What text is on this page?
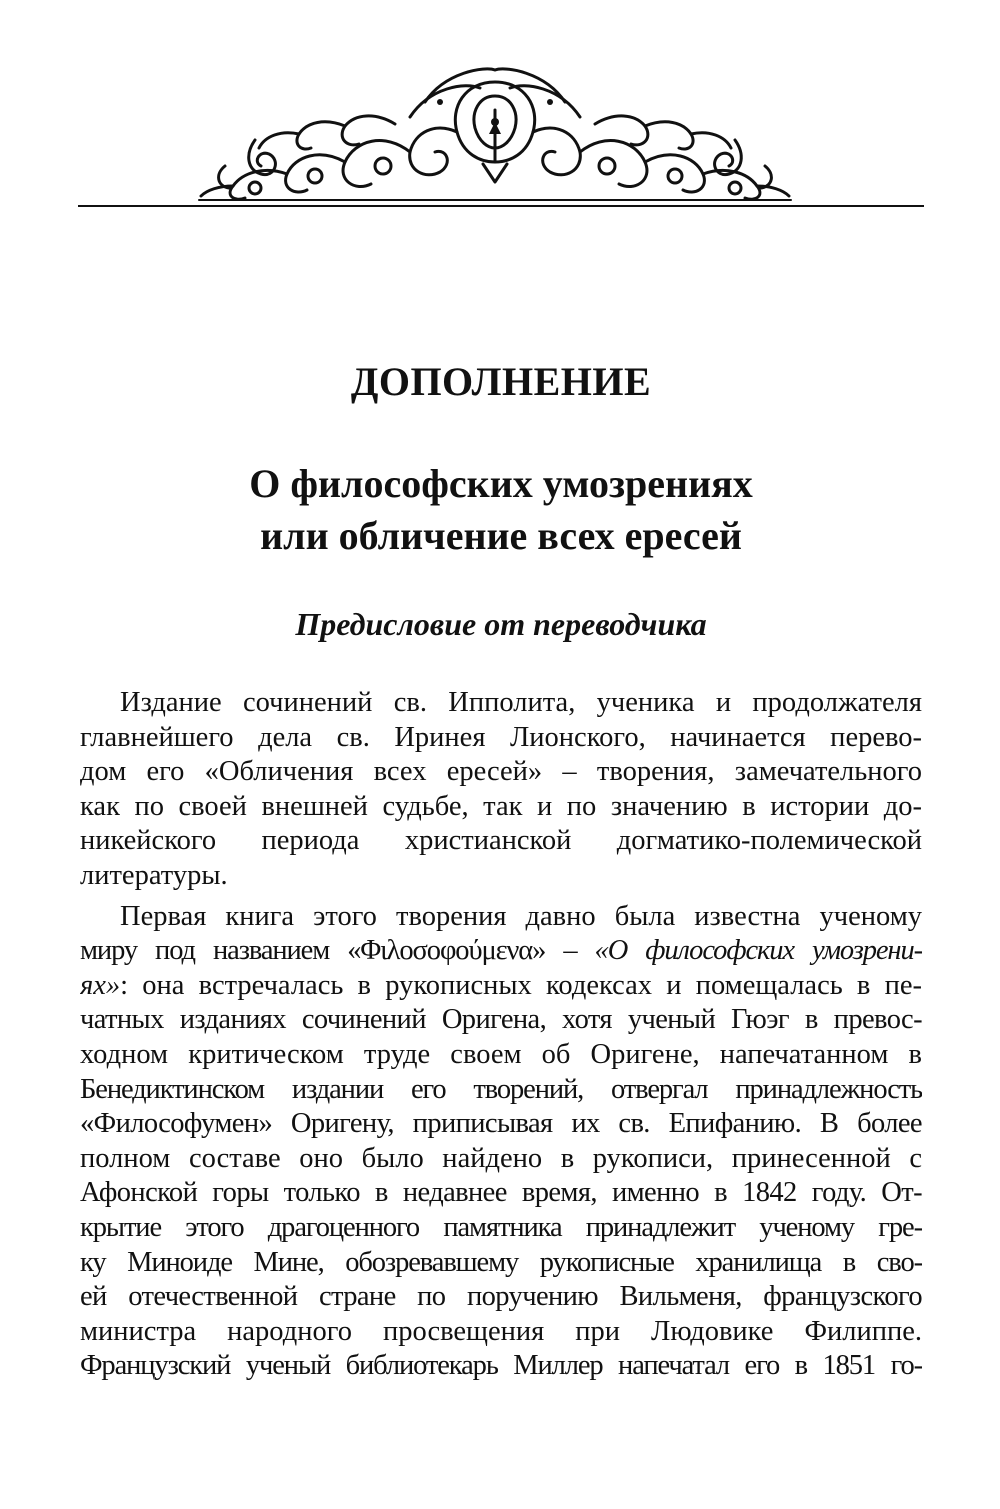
ДОПОЛНЕНИЕ
О философских умозрениях
или обличение всех ересей
Предисловие от переводчика
Издание сочинений св. Ипполита, ученика и продолжателя
главнейшего дела св. Иринея Лионского, начинается перево-
дом его «Обличения всех ересей» – творения, замечательного
как по своей внешней судьбе, так и по значению в истории до-
никейского периода христианской догматико-полемической
литературы.
Первая книга этого творения давно была известна ученому
миру под названием «Φιλοσοφούμενα» – «О философских умозрени-
ях»: она встречалась в рукописных кодексах и помещалась в пе-
чатных изданиях сочинений Оригена, хотя ученый Гюэг в превос-
ходном критическом труде своем об Оригене, напечатанном в
Бенедиктинском издании его творений, отвергал принадлежность
«Философумен» Оригену, приписывая их св. Епифанию. В более
полном составе оно было найдено в рукописи, принесенной с
Афонской горы только в недавнее время, именно в 1842 году. От-
крытие этого драгоценного памятника принадлежит ученому гре-
ку Миноиде Мине, обозревавшему рукописные хранилища в сво-
ей отечественной стране по поручению Вильменя, французского
министра народного просвещения при Людовике Филиппе.
Французский ученый библиотекарь Миллер напечатал его в 1851 го-
